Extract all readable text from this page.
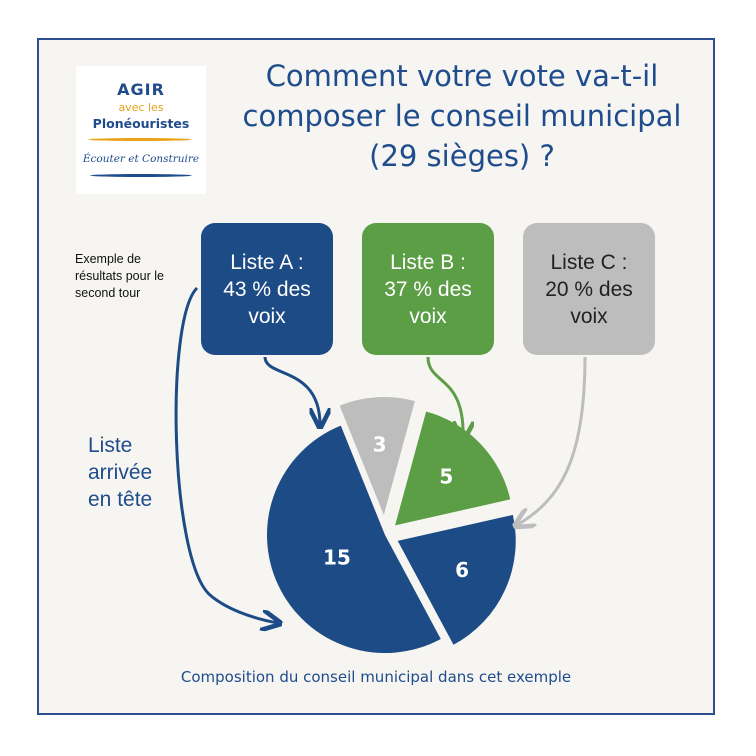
AGIR
avec les
Plonéouristes
Écouter et Construire
Comment votre vote va-t-il composer le conseil municipal (29 sièges) ?
Exemple de résultats pour le second tour
Liste A :
43 % des
voix
Liste B :
37 % des
voix
Liste C :
20 % des
voix
Liste arrivée en tête
15
6
5
3
Composition du conseil municipal dans cet exemple
